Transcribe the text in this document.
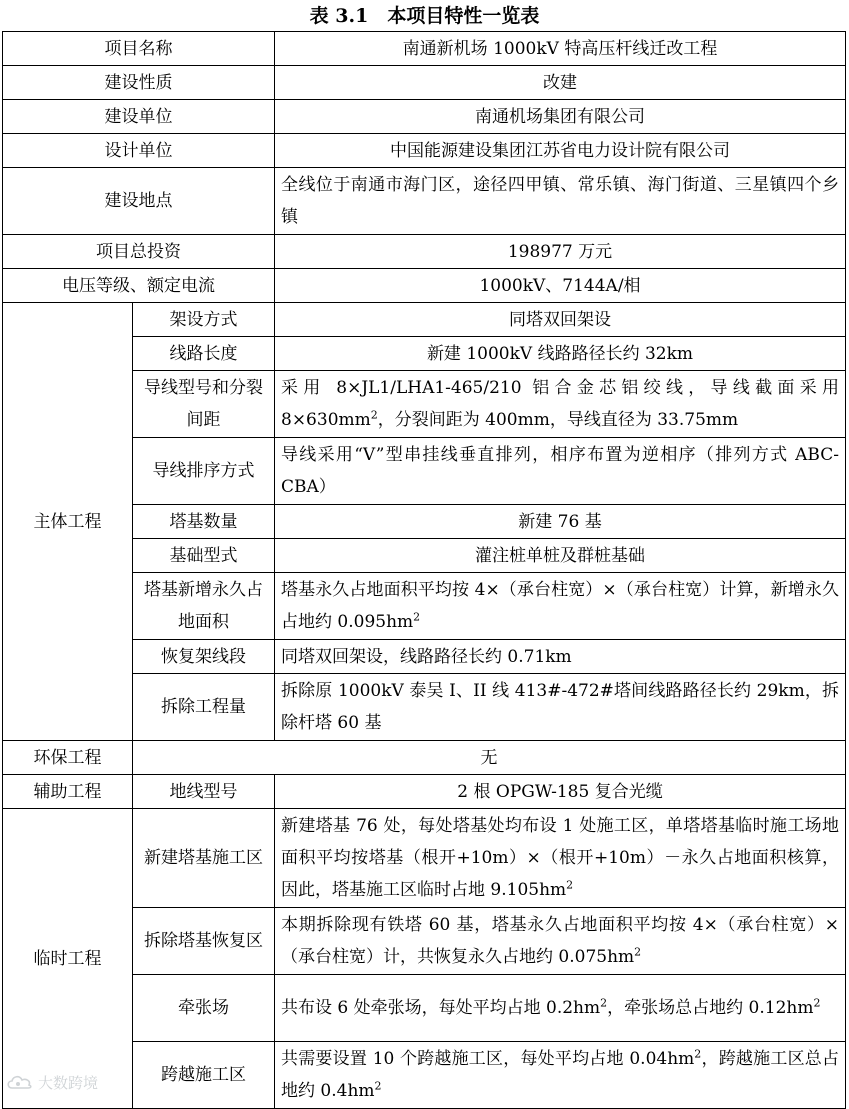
表 3.1　本项目特性一览表
项目名称		南通新机场 1000kV 特高压杆线迁改工程
建设性质		改建
建设单位		南通机场集团有限公司
设计单位		中国能源建设集团江苏省电力设计院有限公司
建设地点		全线位于南通市海门区，途径四甲镇、常乐镇、海门街道、三星镇四个乡镇
项目总投资		198977 万元
电压等级、额定电流		1000kV、7144A/相
主体工程	架设方式	同塔双回架设
	线路长度	新建 1000kV 线路路径长约 32km
	导线型号和分裂间距	采用 8×JL1/LHA1-465/210 铝合金芯铝绞线，导线截面采用 $8\times 630mm^2$，分裂间距为 400mm，导线直径为 33.75mm
	导线排序方式	导线采用“V”型串挂线垂直排列，相序布置为逆相序（排列方式 ABC-CBA）
	塔基数量	新建 76 基
	基础型式	灌注桩单桩及群桩基础
	塔基新增永久占地面积	塔基永久占地面积平均按 4×（承台柱宽）×（承台柱宽）计算，新增永久占地约 $0.095hm^2$
	恢复架线段	同塔双回架设，线路路径长约 0.71km
	拆除工程量	拆除原 1000kV 泰吴 I、II 线 413#-472#塔间线路路径长约 29km，拆除杆塔 60 基
环保工程	无	
辅助工程	地线型号	2 根 OPGW-185 复合光缆
临时工程	新建塔基施工区	新建塔基 76 处，每处塔基处均布设 1 处施工区，单塔塔基临时施工场地面积平均按塔基（根开+10m）×（根开+10m）－永久占地面积核算，因此，塔基施工区临时占地 $9.105hm^2$
	拆除塔基恢复区	本期拆除现有铁塔 60 基，塔基永久占地面积平均按 4×（承台柱宽）×（承台柱宽）计，共恢复永久占地约 $0.075hm^2$
	牵张场	共布设 6 处牵张场，每处平均占地 $0.2hm^2$，牵张场总占地约 $0.12hm^2$
	跨越施工区	共需要设置 10 个跨越施工区，每处平均占地 $0.04hm^2$，跨越施工区总占地约 $0.4hm^2$
大数跨境
